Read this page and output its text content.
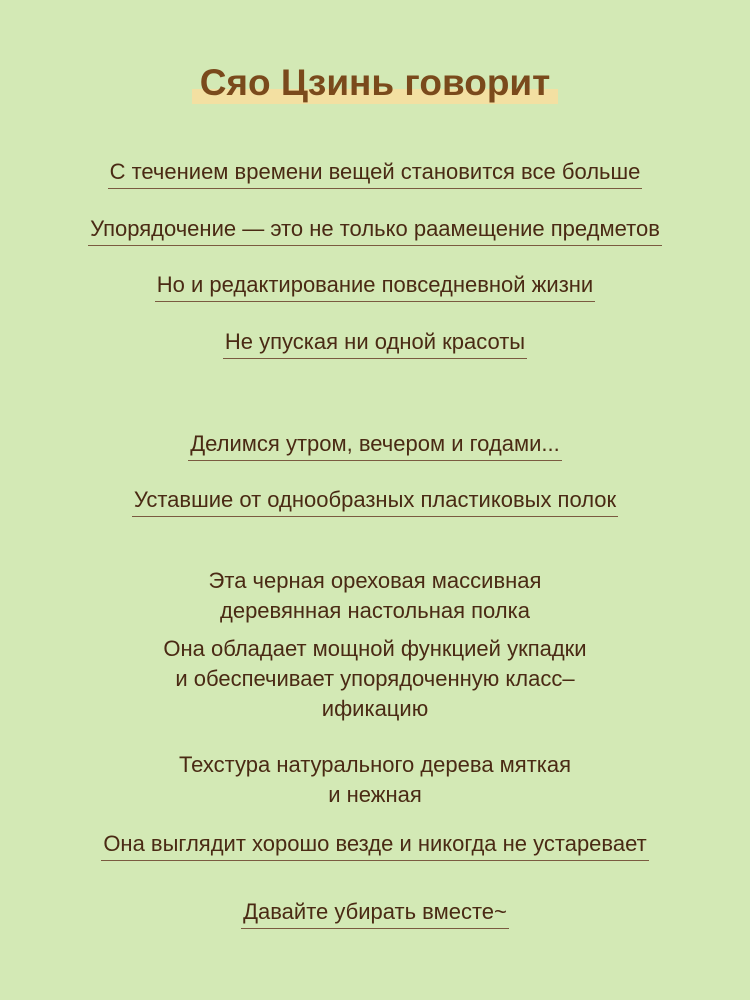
Сяо Цзинь говорит
С течением времени вещей становится все больше
Упорядочение — это не только раамещение предметов
Но и редактирование повседневной жизни
Не упуская ни одной красоты
Делимся утром, вечером и годами...
Уставшие от однообразных пластиковых полок
Эта черная ореховая массивная
деревянная настольная полка
Она обладает мощной функцией укпадки
и обеспечивает упорядоченную класс–
ификацию
Техстура натурального дерева мяткая
и нежная
Она выглядит хорошо везде и никогда не устаревает
Давайте убирать вместе~
